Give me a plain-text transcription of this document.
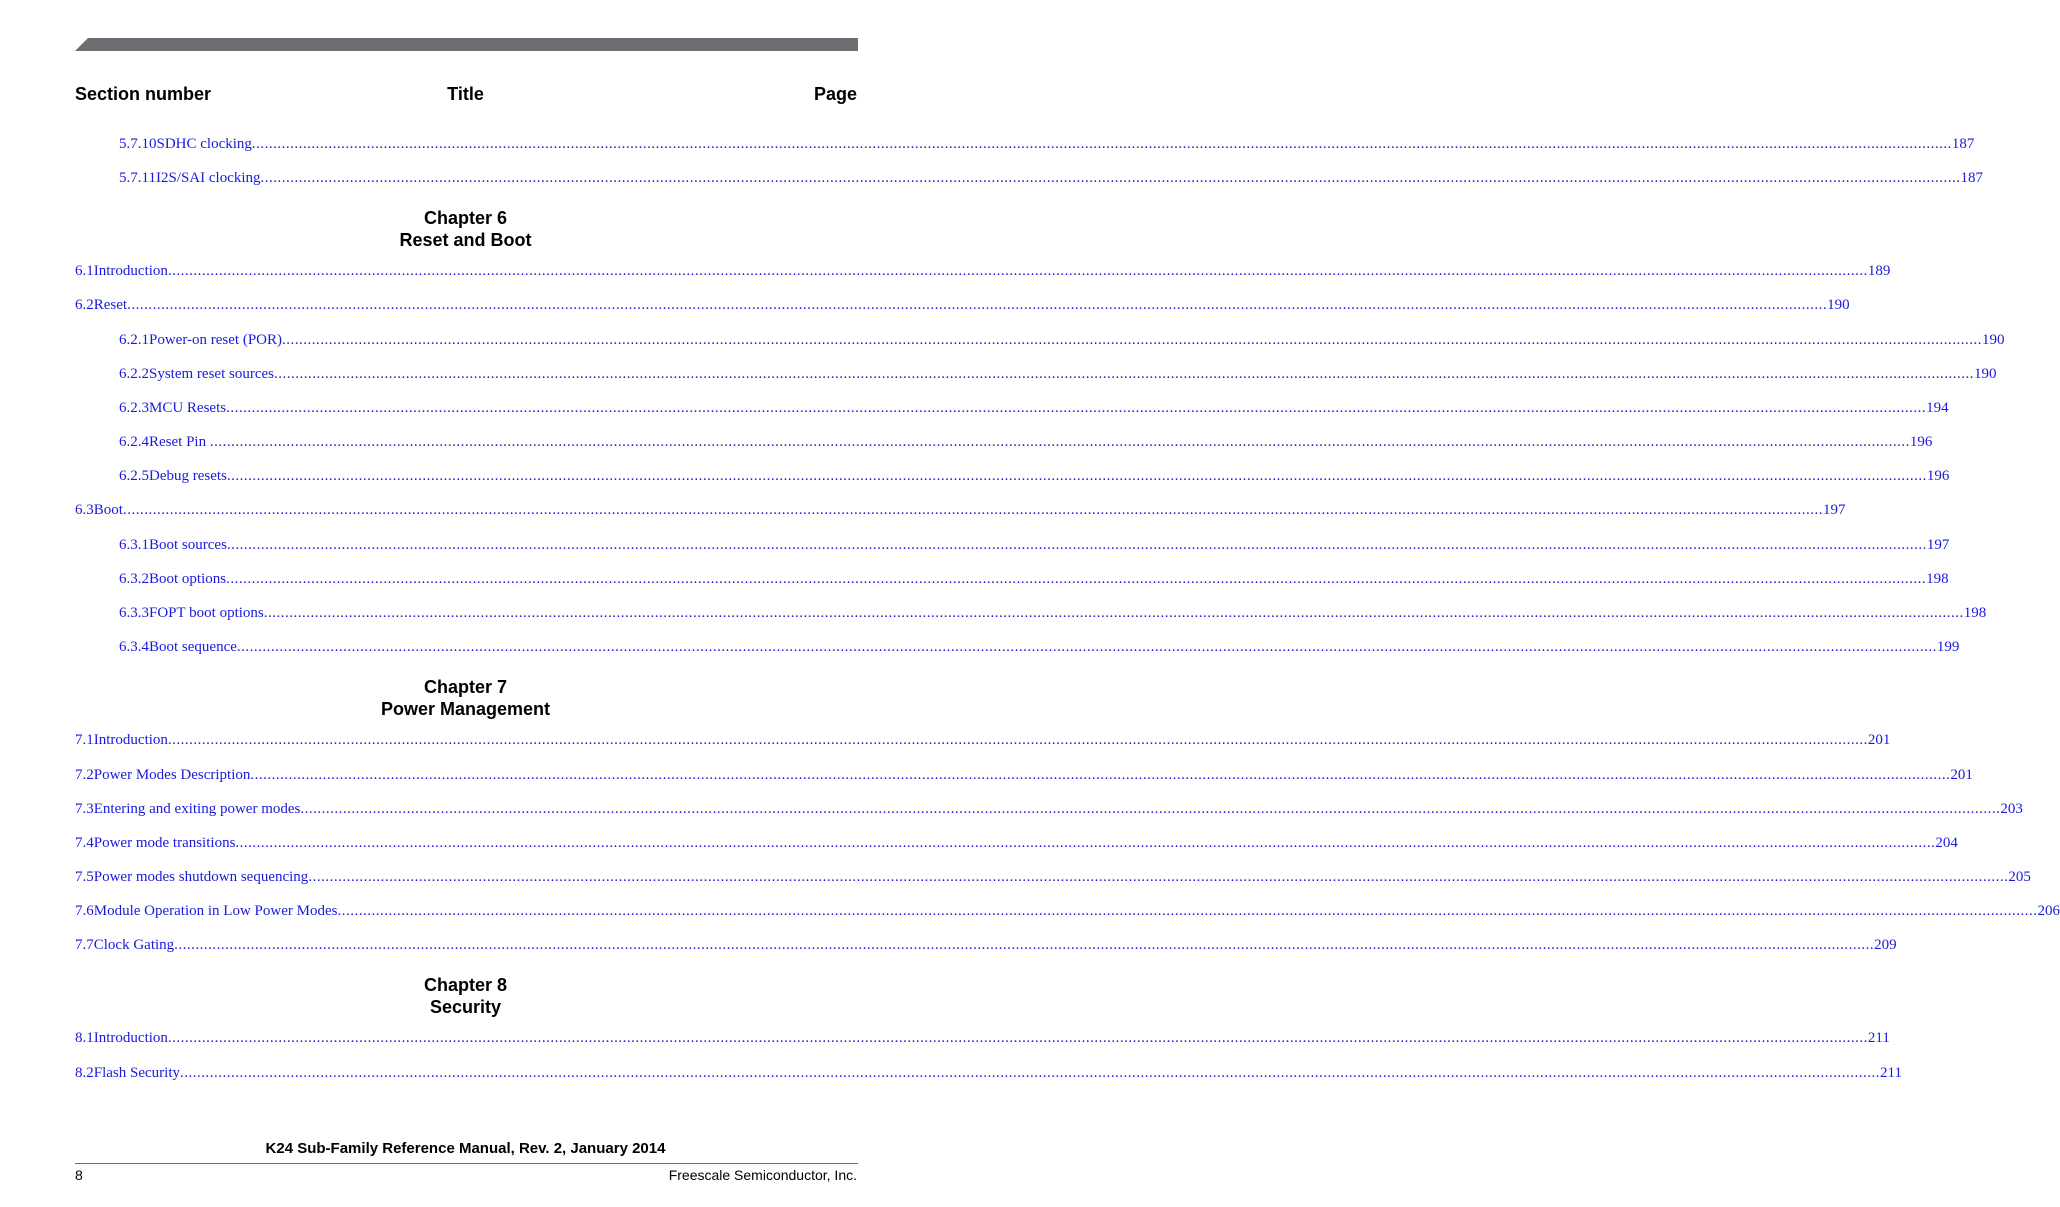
Section number	Title	Page
5.7.10 SDHC clocking ................................................................................................................................................................................................................................................................................................................................................................................................................ 187
5.7.11 I2S/SAI clocking ................................................................................................................................................................................................................................................................................................................................................................................................................ 187
Chapter 6
Reset and Boot
6.1 Introduction ................................................................................................................................................................................................................................................................................................................................................................................................................ 189
6.2 Reset ................................................................................................................................................................................................................................................................................................................................................................................................................ 190
6.2.1 Power-on reset (POR) ................................................................................................................................................................................................................................................................................................................................................................................................................ 190
6.2.2 System reset sources ................................................................................................................................................................................................................................................................................................................................................................................................................ 190
6.2.3 MCU Resets ................................................................................................................................................................................................................................................................................................................................................................................................................ 194
6.2.4 Reset Pin ................................................................................................................................................................................................................................................................................................................................................................................................................ 196
6.2.5 Debug resets ................................................................................................................................................................................................................................................................................................................................................................................................................ 196
6.3 Boot ................................................................................................................................................................................................................................................................................................................................................................................................................ 197
6.3.1 Boot sources ................................................................................................................................................................................................................................................................................................................................................................................................................ 197
6.3.2 Boot options ................................................................................................................................................................................................................................................................................................................................................................................................................ 198
6.3.3 FOPT boot options ................................................................................................................................................................................................................................................................................................................................................................................................................ 198
6.3.4 Boot sequence ................................................................................................................................................................................................................................................................................................................................................................................................................ 199
Chapter 7
Power Management
7.1 Introduction ................................................................................................................................................................................................................................................................................................................................................................................................................ 201
7.2 Power Modes Description ................................................................................................................................................................................................................................................................................................................................................................................................................ 201
7.3 Entering and exiting power modes ................................................................................................................................................................................................................................................................................................................................................................................................................ 203
7.4 Power mode transitions ................................................................................................................................................................................................................................................................................................................................................................................................................ 204
7.5 Power modes shutdown sequencing ................................................................................................................................................................................................................................................................................................................................................................................................................ 205
7.6 Module Operation in Low Power Modes ................................................................................................................................................................................................................................................................................................................................................................................................................ 206
7.7 Clock Gating ................................................................................................................................................................................................................................................................................................................................................................................................................ 209
Chapter 8
Security
8.1 Introduction ................................................................................................................................................................................................................................................................................................................................................................................................................ 211
8.2 Flash Security ................................................................................................................................................................................................................................................................................................................................................................................................................ 211
K24 Sub-Family Reference Manual, Rev. 2, January 2014
8	Freescale Semiconductor, Inc.
